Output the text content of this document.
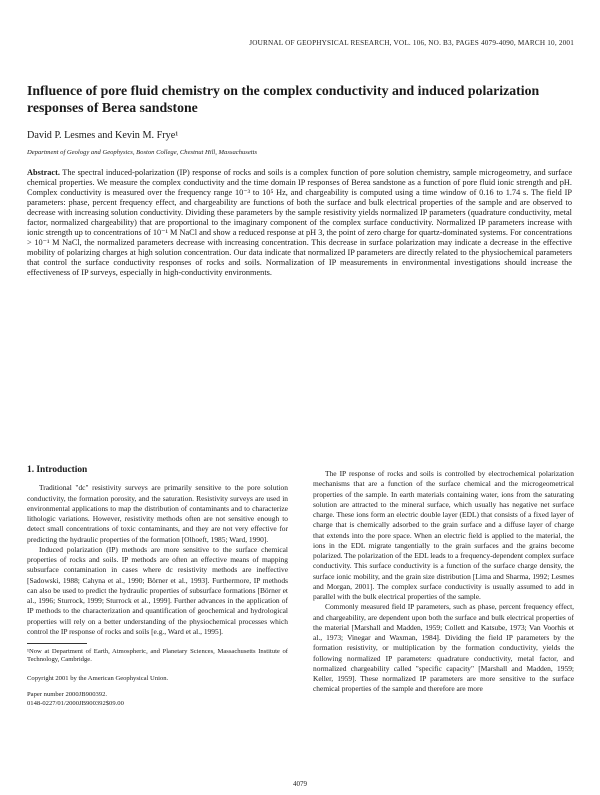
JOURNAL OF GEOPHYSICAL RESEARCH, VOL. 106, NO. B3, PAGES 4079-4090, MARCH 10, 2001
Influence of pore fluid chemistry on the complex conductivity and induced polarization responses of Berea sandstone
David P. Lesmes and Kevin M. Frye¹
Department of Geology and Geophysics, Boston College, Chestnut Hill, Massachusetts
Abstract. The spectral induced-polarization (IP) response of rocks and soils is a complex function of pore solution chemistry, sample microgeometry, and surface chemical properties. We measure the complex conductivity and the time domain IP responses of Berea sandstone as a function of pore fluid ionic strength and pH. Complex conductivity is measured over the frequency range 10⁻³ to 10⁵ Hz, and chargeability is computed using a time window of 0.16 to 1.74 s. The field IP parameters: phase, percent frequency effect, and chargeability are functions of both the surface and bulk electrical properties of the sample and are observed to decrease with increasing solution conductivity. Dividing these parameters by the sample resistivity yields normalized IP parameters (quadrature conductivity, metal factor, normalized chargeability) that are proportional to the imaginary component of the complex surface conductivity. Normalized IP parameters increase with ionic strength up to concentrations of 10⁻¹ M NaCl and show a reduced response at pH 3, the point of zero charge for quartz-dominated systems. For concentrations > 10⁻¹ M NaCl, the normalized parameters decrease with increasing concentration. This decrease in surface polarization may indicate a decrease in the effective mobility of polarizing charges at high solution concentration. Our data indicate that normalized IP parameters are directly related to the physiochemical parameters that control the surface conductivity responses of rocks and soils. Normalization of IP measurements in environmental investigations should increase the effectiveness of IP surveys, especially in high-conductivity environments.
1. Introduction

Traditional "dc" resistivity surveys are primarily sensitive to the pore solution conductivity, the formation porosity, and the saturation. Resistivity surveys are used in environmental applications to map the distribution of contaminants and to characterize lithologic variations. However, resistivity methods often are not sensitive enough to detect small concentrations of toxic contaminants, and they are not very effective for predicting the hydraulic properties of the formation [Olhoeft, 1985; Ward, 1990].

Induced polarization (IP) methods are more sensitive to the surface chemical properties of rocks and soils. IP methods are often an effective means of mapping subsurface contamination in cases where dc resistivity methods are ineffective [Sadowski, 1988; Cahyna et al., 1990; Börner et al., 1993]. Furthermore, IP methods can also be used to predict the hydraulic properties of subsurface formations [Börner et al., 1996; Sturrock, 1999; Sturrock et al., 1999]. Further advances in the application of IP methods to the characterization and quantification of geochemical and hydrological properties will rely on a better understanding of the physiochemical processes which control the IP response of rocks and soils [e.g., Ward et al., 1995].

¹Now at Department of Earth, Atmospheric, and Planetary Sciences, Massachusetts Institute of Technology, Cambridge.
Copyright 2001 by the American Geophysical Union.
Paper number 2000JB900392.
0148-0227/01/2000JB900392$09.00

The IP response of rocks and soils is controlled by electrochemical polarization mechanisms that are a function of the surface chemical and the microgeometrical properties of the sample. In earth materials containing water, ions from the saturating solution are attracted to the mineral surface, which usually has negative net surface charge. These ions form an electric double layer (EDL) that consists of a fixed layer of charge that is chemically adsorbed to the grain surface and a diffuse layer of charge that extends into the pore space. When an electric field is applied to the material, the ions in the EDL migrate tangentially to the grain surfaces and the grains become polarized. The polarization of the EDL leads to a frequency-dependent complex surface conductivity. This surface conductivity is a function of the surface charge density, the surface ionic mobility, and the grain size distribution [Lima and Sharma, 1992; Lesmes and Morgan, 2001]. The complex surface conductivity is usually assumed to add in parallel with the bulk electrical properties of the sample.

Commonly measured field IP parameters, such as phase, percent frequency effect, and chargeability, are dependent upon both the surface and bulk electrical properties of the material [Marshall and Madden, 1959; Collett and Katsube, 1973; Van Voorhis et al., 1973; Vinegar and Waxman, 1984]. Dividing the field IP parameters by the formation resistivity, or multiplication by the formation conductivity, yields the following normalized IP parameters: quadrature conductivity, metal factor, and normalized chargeability called "specific capacity" [Marshall and Madden, 1959; Keller, 1959]. These normalized IP parameters are more sensitive to the surface chemical properties of the sample and therefore are more

4079
